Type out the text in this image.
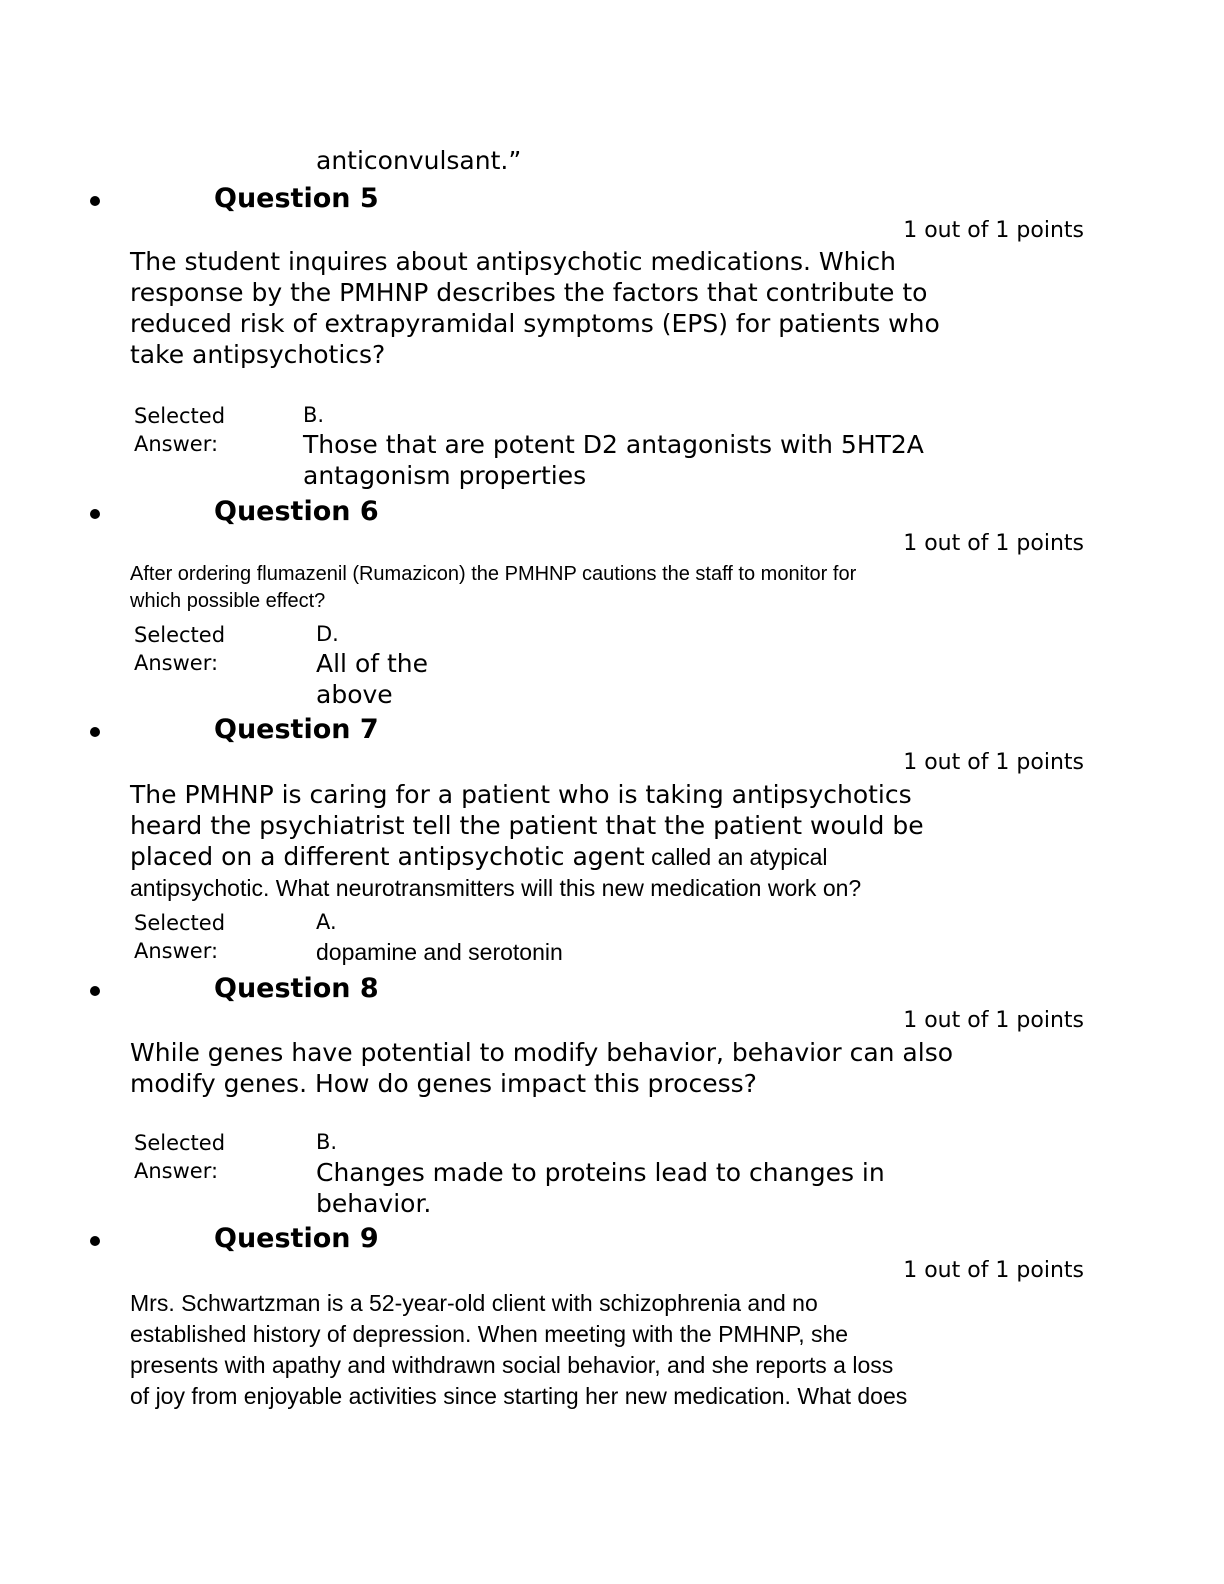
anticonvulsant.”
Question 5
1 out of 1 points
The student inquires about antipsychotic medications. Which
response by the PMHNP describes the factors that contribute to
reduced risk of extrapyramidal symptoms (EPS) for patients who
take antipsychotics?
Selected
Answer:
B.
Those that are potent D2 antagonists with 5HT2A
antagonism properties
Question 6
1 out of 1 points
After ordering flumazenil (Rumazicon) the PMHNP cautions the staff to monitor for
which possible effect?
Selected
Answer:
D.
All of the
above
Question 7
1 out of 1 points
The PMHNP is caring for a patient who is taking antipsychotics
heard the psychiatrist tell the patient that the patient would be
placed on a different antipsychotic agent called an atypical
antipsychotic. What neurotransmitters will this new medication work on?
Selected
Answer:
A.
dopamine and serotonin
Question 8
1 out of 1 points
While genes have potential to modify behavior, behavior can also
modify genes. How do genes impact this process?
Selected
Answer:
B.
Changes made to proteins lead to changes in
behavior.
Question 9
1 out of 1 points
Mrs. Schwartzman is a 52-year-old client with schizophrenia and no
established history of depression. When meeting with the PMHNP, she
presents with apathy and withdrawn social behavior, and she reports a loss
of joy from enjoyable activities since starting her new medication. What does
